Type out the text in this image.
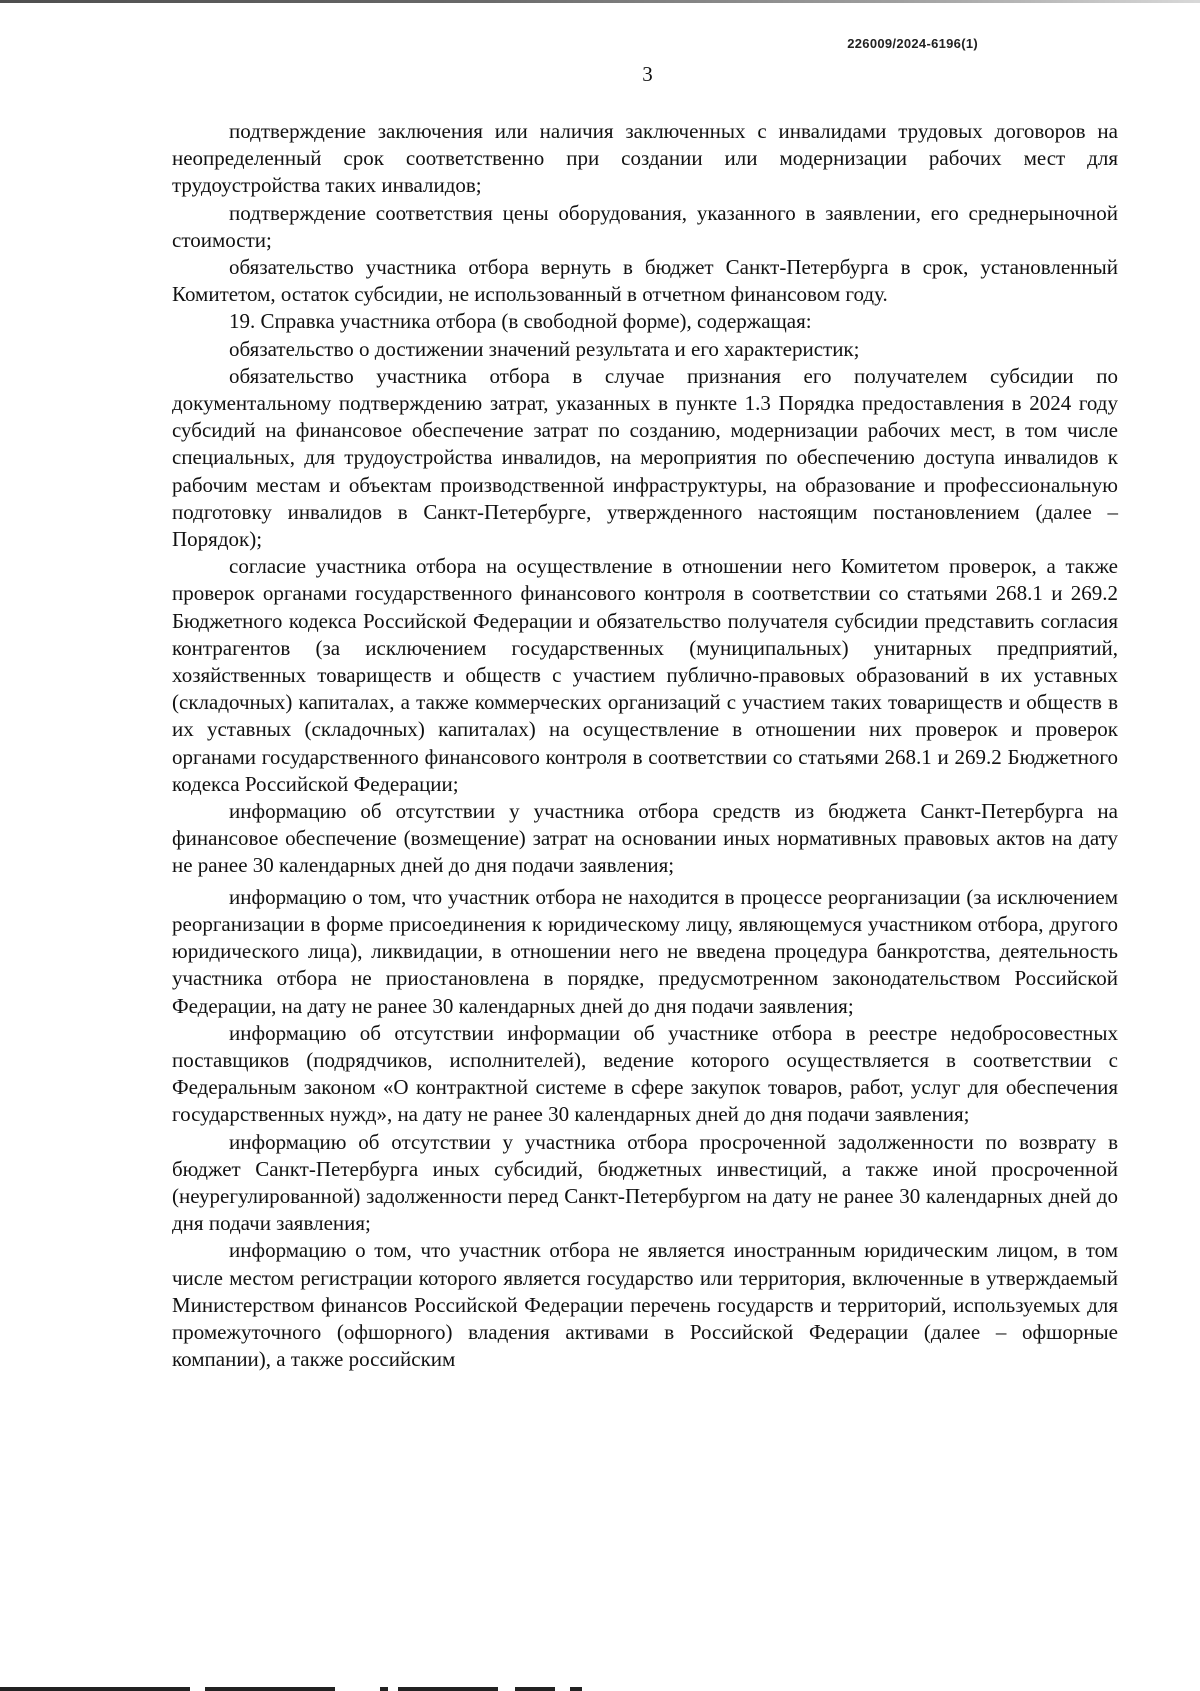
226009/2024-6196(1)
3

подтверждение заключения или наличия заключенных с инвалидами трудовых договоров на неопределенный срок соответственно при создании или модернизации рабочих мест для трудоустройства таких инвалидов;

подтверждение соответствия цены оборудования, указанного в заявлении, его среднерыночной стоимости;

обязательство участника отбора вернуть в бюджет Санкт-Петербурга в срок, установленный Комитетом, остаток субсидии, не использованный в отчетном финансовом году.

19. Справка участника отбора (в свободной форме), содержащая:

обязательство о достижении значений результата и его характеристик;

обязательство участника отбора в случае признания его получателем субсидии по документальному подтверждению затрат, указанных в пункте 1.3 Порядка предоставления в 2024 году субсидий на финансовое обеспечение затрат по созданию, модернизации рабочих мест, в том числе специальных, для трудоустройства инвалидов, на мероприятия по обеспечению доступа инвалидов к рабочим местам и объектам производственной инфраструктуры, на образование и профессиональную подготовку инвалидов в Санкт-Петербурге, утвержденного настоящим постановлением (далее – Порядок);

согласие участника отбора на осуществление в отношении него Комитетом проверок, а также проверок органами государственного финансового контроля в соответствии со статьями 268.1 и 269.2 Бюджетного кодекса Российской Федерации и обязательство получателя субсидии представить согласия контрагентов (за исключением государственных (муниципальных) унитарных предприятий, хозяйственных товариществ и обществ с участием публично-правовых образований в их уставных (складочных) капиталах, а также коммерческих организаций с участием таких товариществ и обществ в их уставных (складочных) капиталах) на осуществление в отношении них проверок и проверок органами государственного финансового контроля в соответствии со статьями 268.1 и 269.2 Бюджетного кодекса Российской Федерации;

информацию об отсутствии у участника отбора средств из бюджета Санкт-Петербурга на финансовое обеспечение (возмещение) затрат на основании иных нормативных правовых актов на дату не ранее 30 календарных дней до дня подачи заявления;

информацию о том, что участник отбора не находится в процессе реорганизации (за исключением реорганизации в форме присоединения к юридическому лицу, являющемуся участником отбора, другого юридического лица), ликвидации, в отношении него не введена процедура банкротства, деятельность участника отбора не приостановлена в порядке, предусмотренном законодательством Российской Федерации, на дату не ранее 30 календарных дней до дня подачи заявления;

информацию об отсутствии информации об участнике отбора в реестре недобросовестных поставщиков (подрядчиков, исполнителей), ведение которого осуществляется в соответствии с Федеральным законом «О контрактной системе в сфере закупок товаров, работ, услуг для обеспечения государственных нужд», на дату не ранее 30 календарных дней до дня подачи заявления;

информацию об отсутствии у участника отбора просроченной задолженности по возврату в бюджет Санкт-Петербурга иных субсидий, бюджетных инвестиций, а также иной просроченной (неурегулированной) задолженности перед Санкт-Петербургом на дату не ранее 30 календарных дней до дня подачи заявления;

информацию о том, что участник отбора не является иностранным юридическим лицом, в том числе местом регистрации которого является государство или территория, включенные в утверждаемый Министерством финансов Российской Федерации перечень государств и территорий, используемых для промежуточного (офшорного) владения активами в Российской Федерации (далее – офшорные компании), а также российским
